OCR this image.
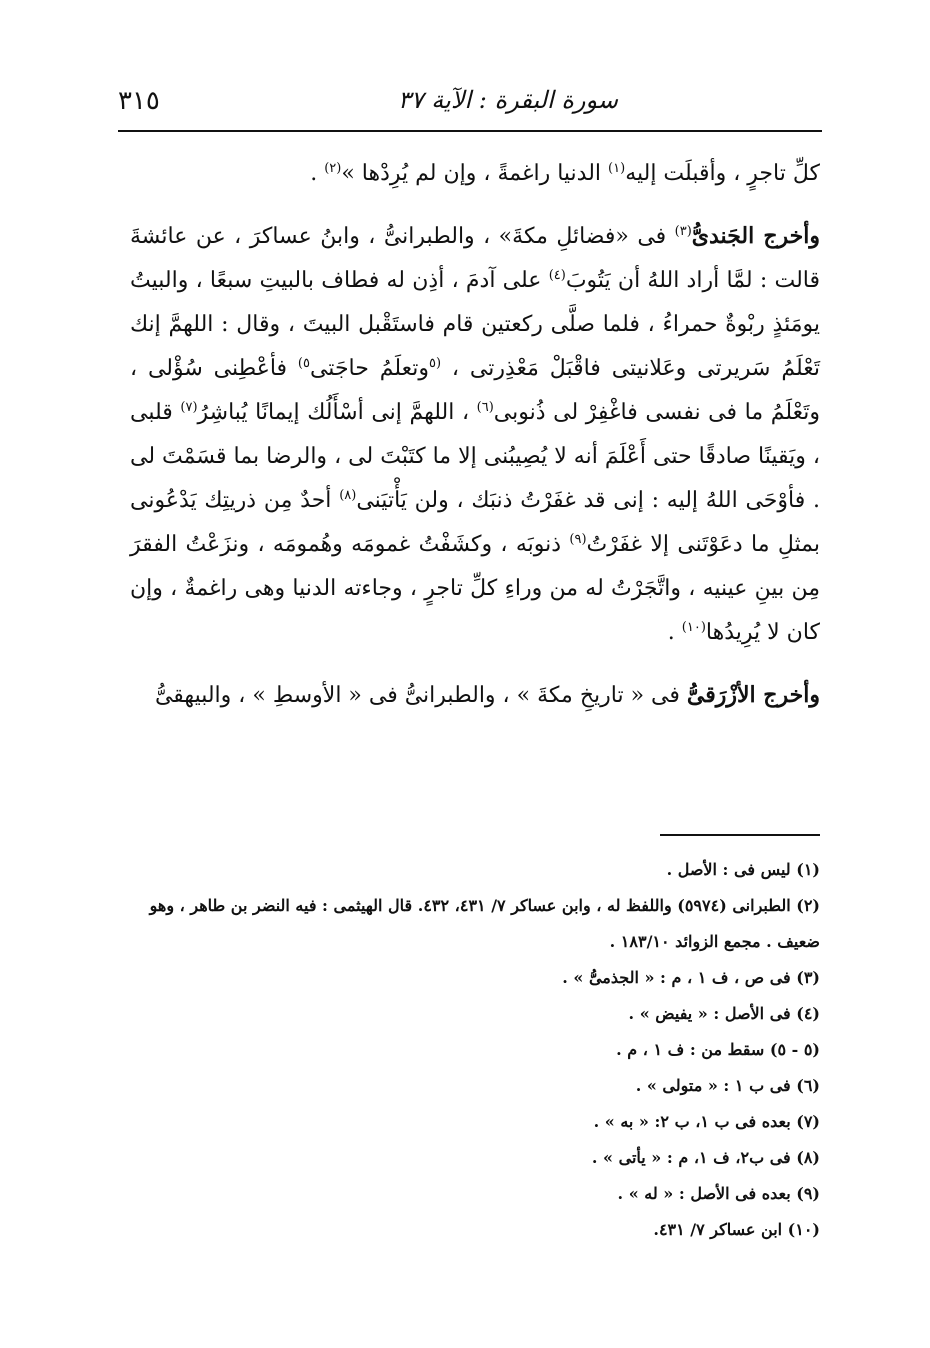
٣١٥	سورة البقرة : الآية ٣٧

كلِّ تاجرٍ ، وأقبلَت إليه$^{(١)}$ الدنيا راغمةً ، وإن لم يُرِدْها »$^{(٢)}$ .

وأخرج الجَندىُّ$^{(٣)}$ فى «فضائلِ مكةَ» ، والطبرانىُّ ، وابنُ عساكرَ ، عن عائشةَ قالت : لمَّا أراد اللهُ أن يَتُوبَ$^{(٤)}$ على آدمَ ، أذِن له فطاف بالبيتِ سبعًا ، والبيتُ يومَئذٍ ربْوةٌ حمراءُ ، فلما صلَّى ركعتين قام فاستَقْبل البيتَ ، وقال : اللهمَّ إنك تَعْلَمُ سَريرتى وعَلانيتى فاقْبَلْ مَعْذِرتى ، $^{(٥}$وتعلَمُ حاجَتى$^{٥)}$ فأعْطِنى سُؤْلى ، وتَعْلَمُ ما فى نفسى فاغْفِرْ لى ذُنوبى$^{(٦)}$ ، اللهمَّ إنى أسْأَلُك إيمانًا يُباشِرُ$^{(٧)}$ قلبى ، ويَقينًا صادقًا حتى أَعْلَمَ أنه لا يُصِيبُنى إلا ما كتَبْتَ لى ، والرضا بما قسَمْتَ لى . فأوْحَى اللهُ إليه : إنى قد غفَرْتُ ذنبَك ، ولن يَأْتيَنى$^{(٨)}$ أحدٌ مِن ذريتِك يَدْعُونى بمثلِ ما دعَوْتَنى إلا غفَرْتُ$^{(٩)}$ ذنوبَه ، وكشَفْتُ غمومَه وهُمومَه ، ونزَعْتُ الفقرَ مِن بينِ عينيه ، واتَّجَرْتُ له من وراءِ كلِّ تاجرٍ ، وجاءته الدنيا وهى راغمةٌ ، وإن كان لا يُرِيدُها$^{(١٠)}$ .

وأخرج الأزْرَقىُّ فى « تاريخِ مكةَ » ، والطبرانىُّ فى « الأوسطِ » ، والبيهقىُّ

(١) ليس فى : الأصل .

(٢) الطبرانى (٥٩٧٤) واللفظ له ، وابن عساكر ٧/ ٤٣١، ٤٣٢. قال الهيثمى : فيه النضر بن طاهر ، وهو ضعيف . مجمع الزوائد ١٨٣/١٠ .

(٣) فى ص ، ف ١ ، م : « الجذمىُّ » .

(٤) فى الأصل : « يفيض » .

(٥ - ٥) سقط من : ف ١ ، م .

(٦) فى ب ١ : « متولى » .

(٧) بعده فى ب ١، ب ٢: « به » .

(٨) فى ب٢، ف ١، م : « يأتى » .

(٩) بعده فى الأصل : « له » .

(١٠) ابن عساكر ٧/ ٤٣١.
